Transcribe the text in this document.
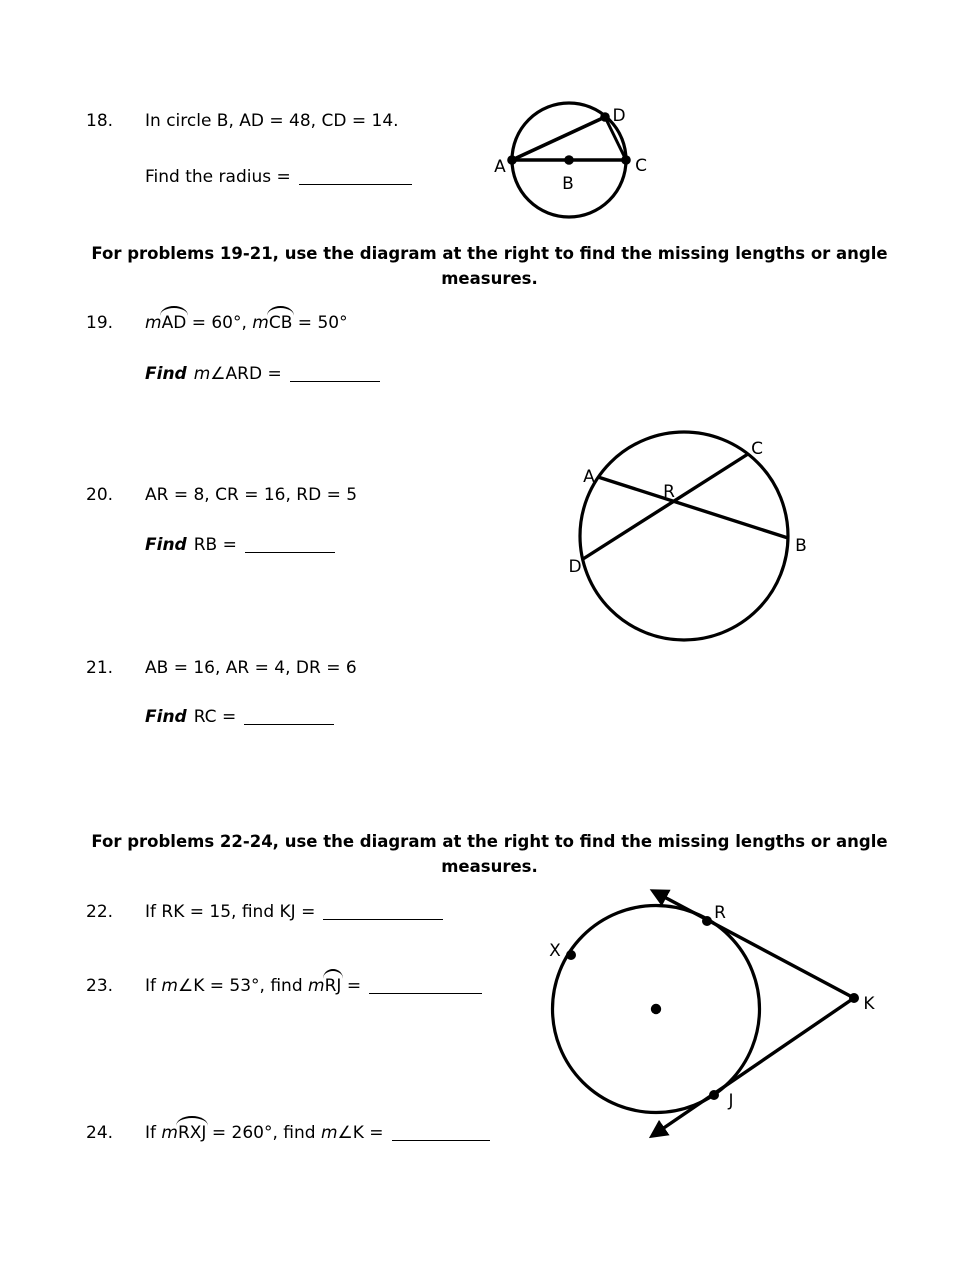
18. In circle B, AD = 48, CD = 14.
Find the radius =	A
B
C
D
For problems 19-21, use the diagram at the right to find the missing lengths or angle
measures.
19. mAD = 60°, mCB = 50°
Find m∠ARD =
20. AR = 8, CR = 16, RD = 5
Find RB =
A
C
B
D
R
21. AB = 16, AR = 4, DR = 6
Find RC =
For problems 22-24, use the diagram at the right to find the missing lengths or angle
measures.
22. If RK = 15, find KJ =
23. If m∠K = 53°, find mRJ =
24. If mRXJ = 260°, find m∠K =
X
R
J
K
